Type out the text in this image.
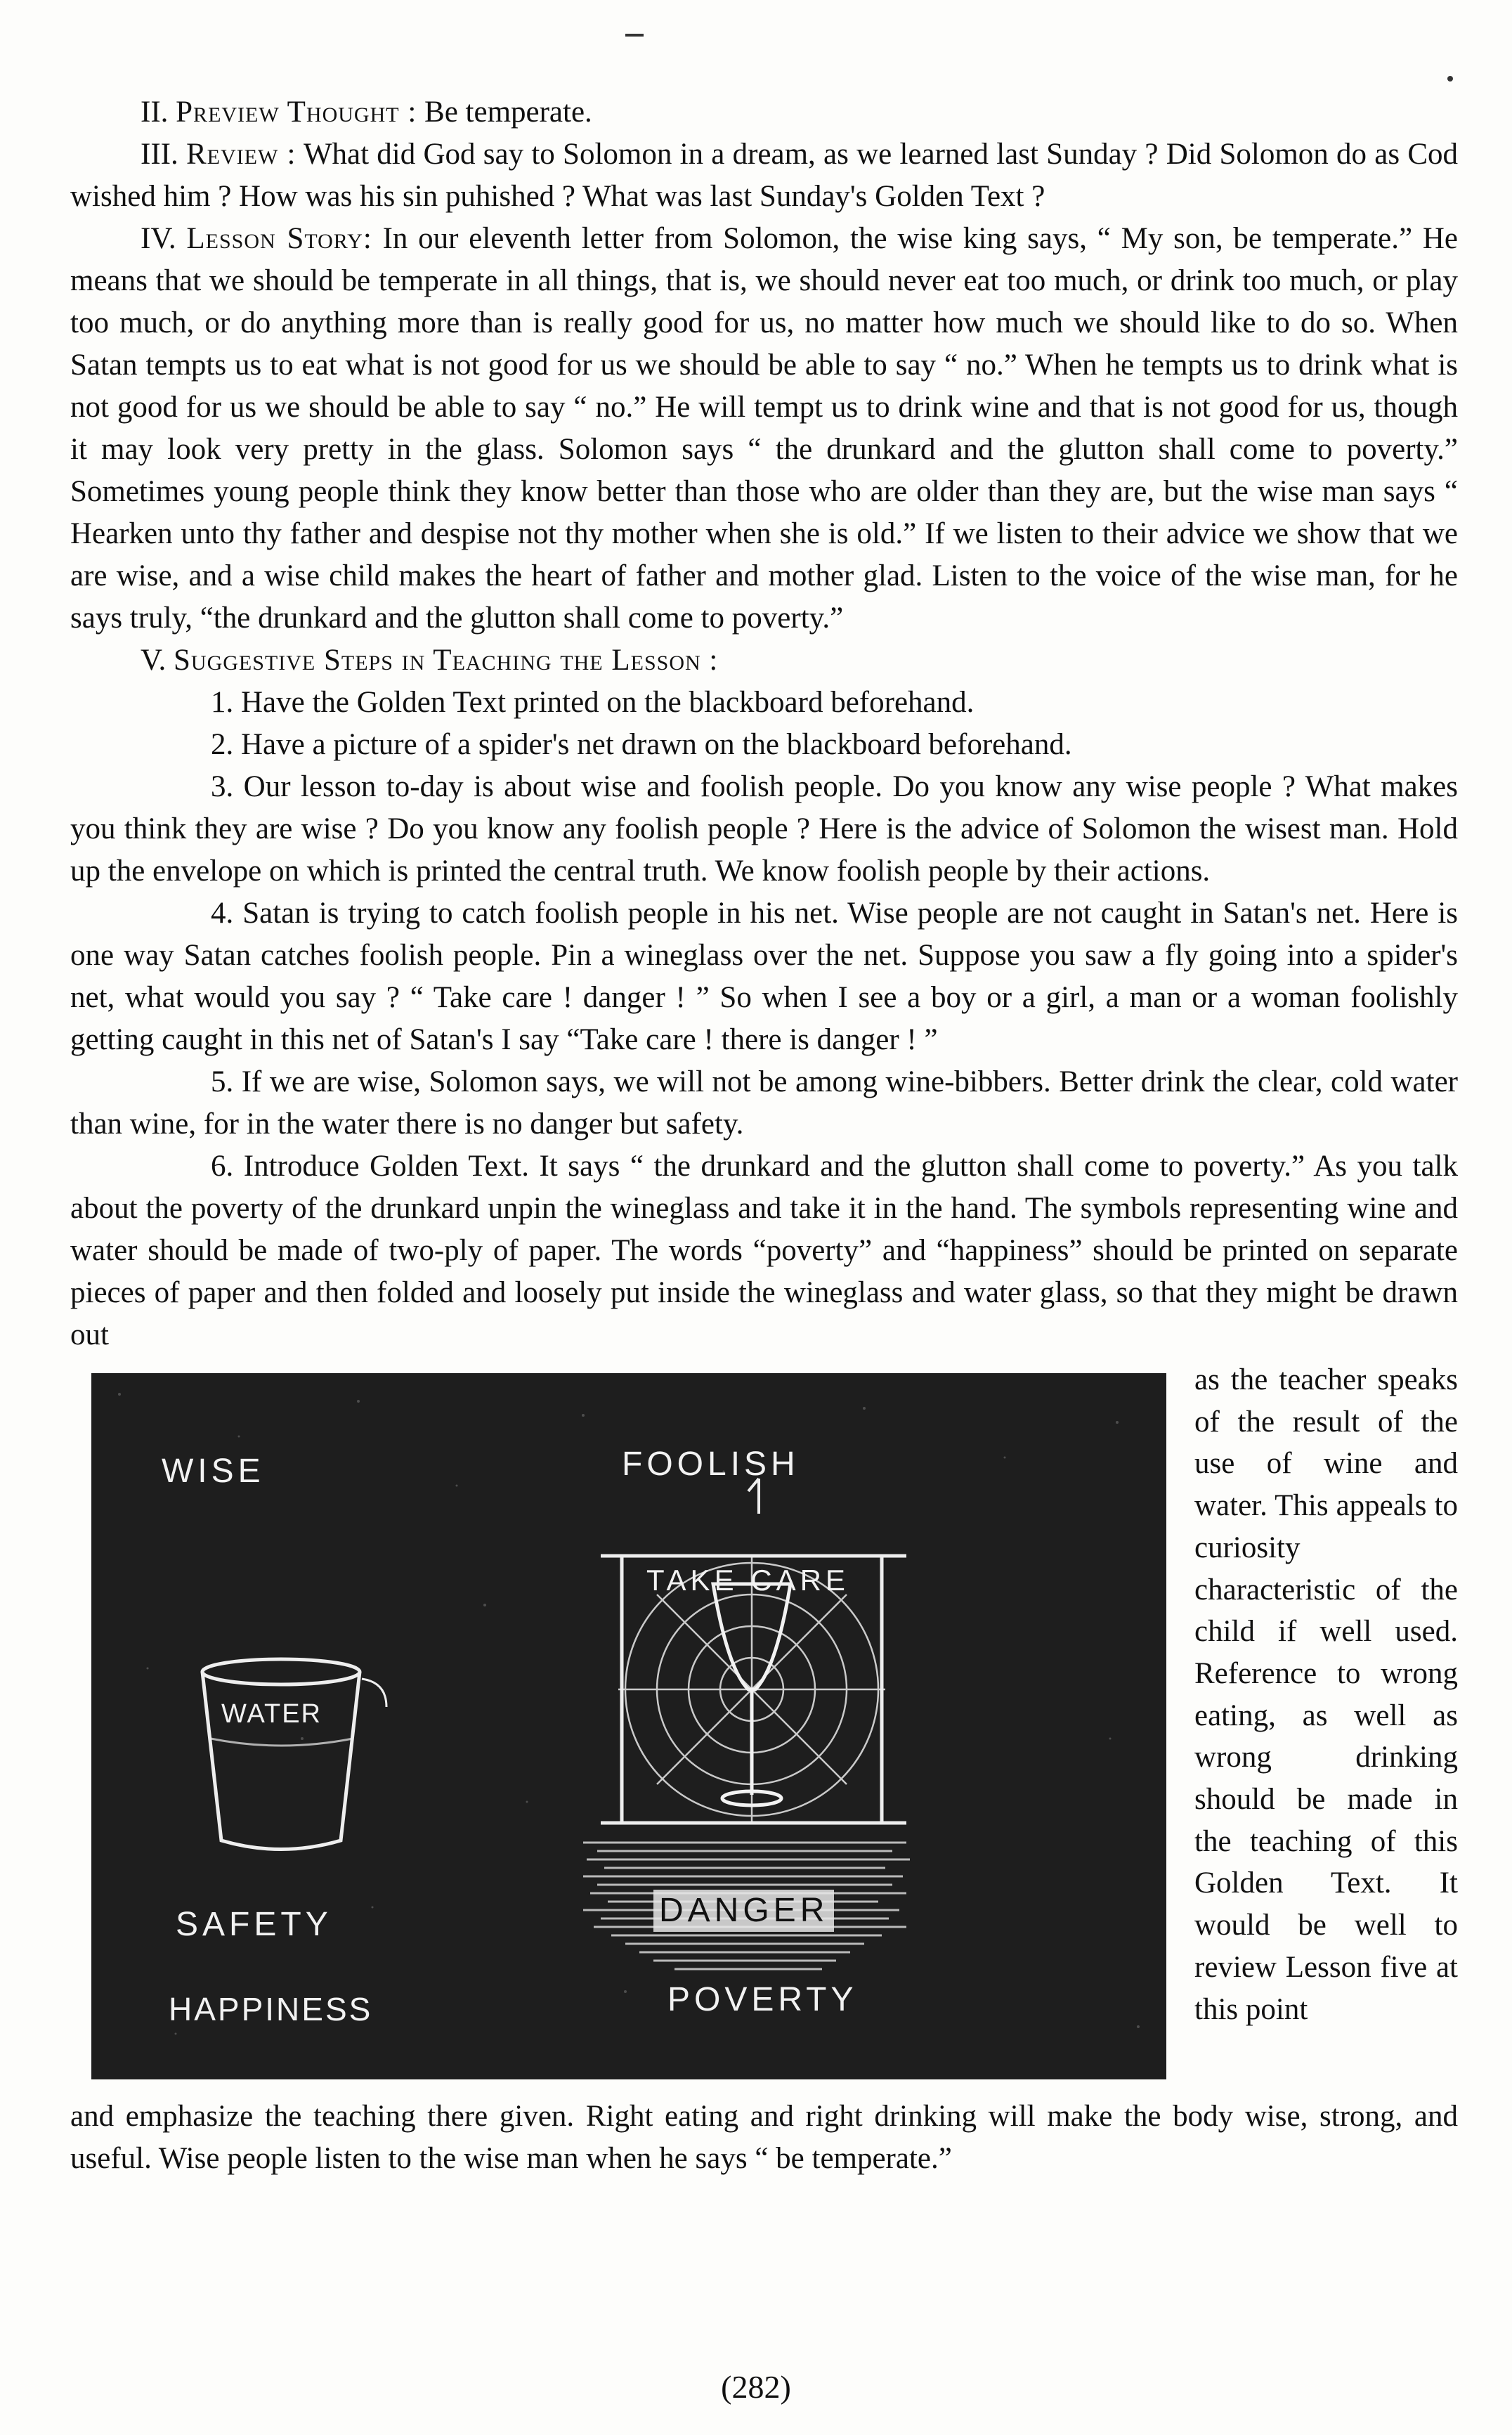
II. Preview Thought : Be temperate.

III. Review : What did God say to Solomon in a dream, as we learned last Sunday ? Did Solomon do as Cod wished him ? How was his sin puhished ? What was last Sunday's Golden Text ?

IV. Lesson Story: In our eleventh letter from Solomon, the wise king says, “ My son, be temperate.” He means that we should be temperate in all things, that is, we should never eat too much, or drink too much, or play too much, or do anything more than is really good for us, no matter how much we should like to do so. When Satan tempts us to eat what is not good for us we should be able to say “ no.” When he tempts us to drink what is not good for us we should be able to say “ no.” He will tempt us to drink wine and that is not good for us, though it may look very pretty in the glass. Solomon says “ the drunkard and the glutton shall come to poverty.” Sometimes young people think they know better than those who are older than they are, but the wise man says “ Hearken unto thy father and despise not thy mother when she is old.” If we listen to their advice we show that we are wise, and a wise child makes the heart of father and mother glad. Listen to the voice of the wise man, for he says truly, “the drunkard and the glutton shall come to poverty.”

V. Suggestive Steps in Teaching the Lesson :

1. Have the Golden Text printed on the blackboard beforehand.

2. Have a picture of a spider's net drawn on the blackboard beforehand.

3. Our lesson to-day is about wise and foolish people. Do you know any wise people ? What makes you think they are wise ? Do you know any foolish people ? Here is the advice of Solomon the wisest man. Hold up the envelope on which is printed the central truth. We know foolish people by their actions.

4. Satan is trying to catch foolish people in his net. Wise people are not caught in Satan's net. Here is one way Satan catches foolish people. Pin a wineglass over the net. Suppose you saw a fly going into a spider's net, what would you say ? “ Take care ! danger ! ” So when I see a boy or a girl, a man or a woman foolishly getting caught in this net of Satan's I say “Take care ! there is danger ! ”

5. If we are wise, Solomon says, we will not be among wine-bibbers. Better drink the clear, cold water than wine, for in the water there is no danger but safety.

6. Introduce Golden Text. It says “ the drunkard and the glutton shall come to poverty.” As you talk about the poverty of the drunkard unpin the wineglass and take it in the hand. The symbols representing wine and water should be made of two-ply of paper. The words “poverty” and “happiness” should be printed on separate pieces of paper and then folded and loosely put inside the wineglass and water glass, so that they might be drawn out

WISE	FOOLISH
TAKE CARE
WATER
SAFETY
HAPPINESS
DANGER
POVERTY
as the teacher speaks of the result of the use of wine and water. This appeals to curiosity characteristic of the child if well used. Reference to wrong eating, as well as wrong drinking should be made in the teaching of this Golden Text. It would be well to review Lesson five at this point

and emphasize the teaching there given. Right eating and right drinking will make the body wise, strong, and useful. Wise people listen to the wise man when he says “ be temperate.”

(282)
